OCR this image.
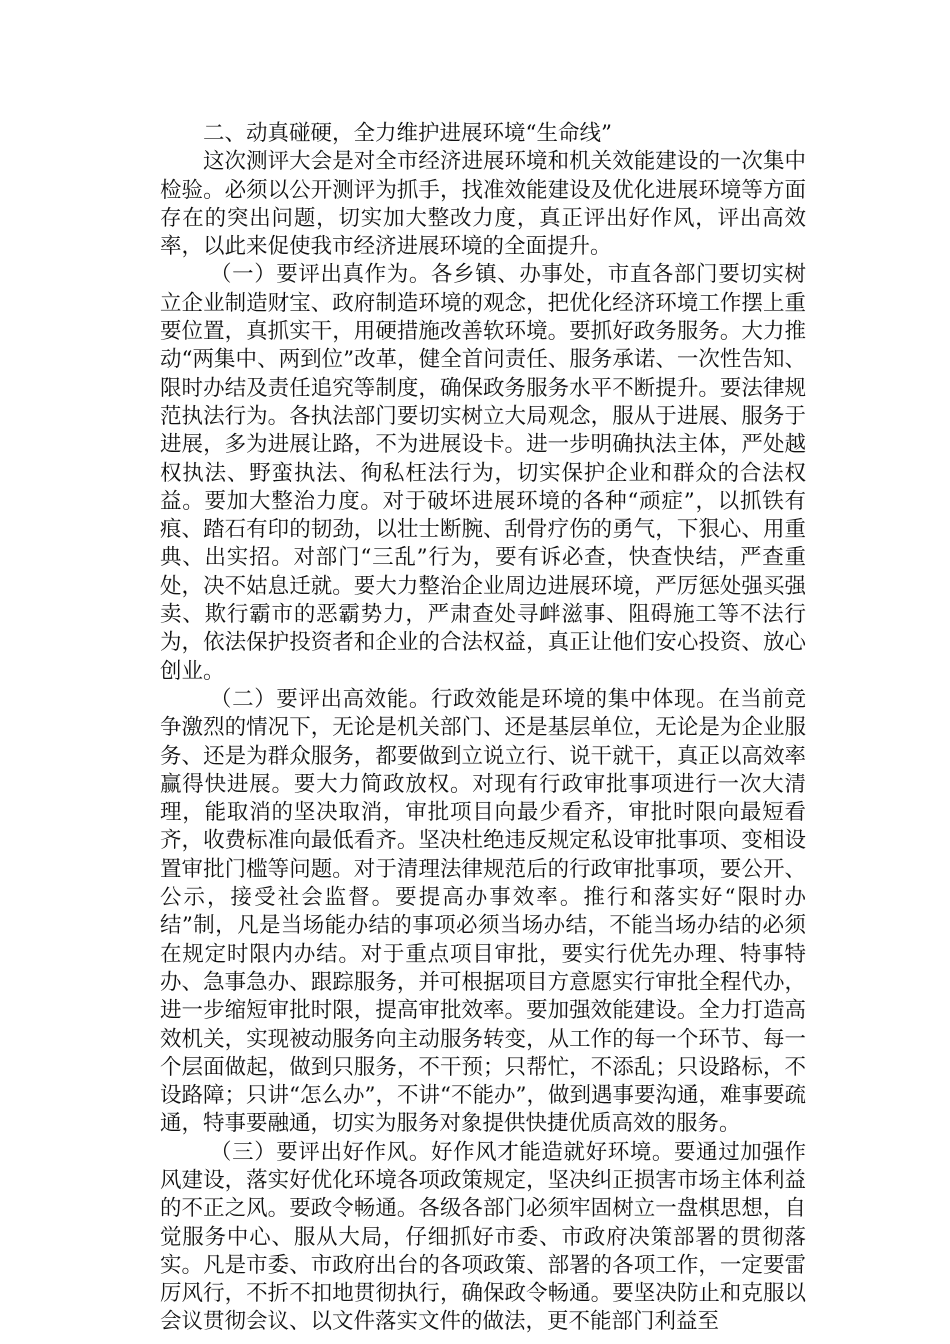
二、动真碰硬，全力维护进展环境“生命线”

这次测评大会是对全市经济进展环境和机关效能建设的一次集中检验。必须以公开测评为抓手，找准效能建设及优化进展环境等方面存在的突出问题，切实加大整改力度，真正评出好作风，评出高效率，以此来促使我市经济进展环境的全面提升。

（一）要评出真作为。各乡镇、办事处，市直各部门要切实树立企业制造财宝、政府制造环境的观念，把优化经济环境工作摆上重要位置，真抓实干，用硬措施改善软环境。要抓好政务服务。大力推动“两集中、两到位”改革，健全首问责任、服务承诺、一次性告知、限时办结及责任追究等制度，确保政务服务水平不断提升。要法律规范执法行为。各执法部门要切实树立大局观念，服从于进展、服务于进展，多为进展让路，不为进展设卡。进一步明确执法主体，严处越权执法、野蛮执法、徇私枉法行为，切实保护企业和群众的合法权益。要加大整治力度。对于破坏进展环境的各种“顽症”，以抓铁有痕、踏石有印的韧劲，以壮士断腕、刮骨疗伤的勇气，下狠心、用重典、出实招。对部门“三乱”行为，要有诉必查，快查快结，严查重处，决不姑息迁就。要大力整治企业周边进展环境，严厉惩处强买强卖、欺行霸市的恶霸势力，严肃查处寻衅滋事、阻碍施工等不法行为，依法保护投资者和企业的合法权益，真正让他们安心投资、放心创业。

（二）要评出高效能。行政效能是环境的集中体现。在当前竞争激烈的情况下，无论是机关部门、还是基层单位，无论是为企业服务、还是为群众服务，都要做到立说立行、说干就干，真正以高效率赢得快进展。要大力简政放权。对现有行政审批事项进行一次大清理，能取消的坚决取消，审批项目向最少看齐，审批时限向最短看齐，收费标准向最低看齐。坚决杜绝违反规定私设审批事项、变相设置审批门槛等问题。对于清理法律规范后的行政审批事项，要公开、公示，接受社会监督。要提高办事效率。推行和落实好“限时办结”制，凡是当场能办结的事项必须当场办结，不能当场办结的必须在规定时限内办结。对于重点项目审批，要实行优先办理、特事特办、急事急办、跟踪服务，并可根据项目方意愿实行审批全程代办，进一步缩短审批时限，提高审批效率。要加强效能建设。全力打造高效机关，实现被动服务向主动服务转变，从工作的每一个环节、每一个层面做起，做到只服务，不干预；只帮忙，不添乱；只设路标，不设路障；只讲“怎么办”，不讲“不能办”，做到遇事要沟通，难事要疏通，特事要融通，切实为服务对象提供快捷优质高效的服务。

（三）要评出好作风。好作风才能造就好环境。要通过加强作风建设，落实好优化环境各项政策规定，坚决纠正损害市场主体利益的不正之风。要政令畅通。各级各部门必须牢固树立一盘棋思想，自觉服务中心、服从大局，仔细抓好市委、市政府决策部署的贯彻落实。凡是市委、市政府出台的各项政策、部署的各项工作，一定要雷厉风行，不折不扣地贯彻执行，确保政令畅通。要坚决防止和克服以会议贯彻会议、以文件落实文件的做法，更不能部门利益至
